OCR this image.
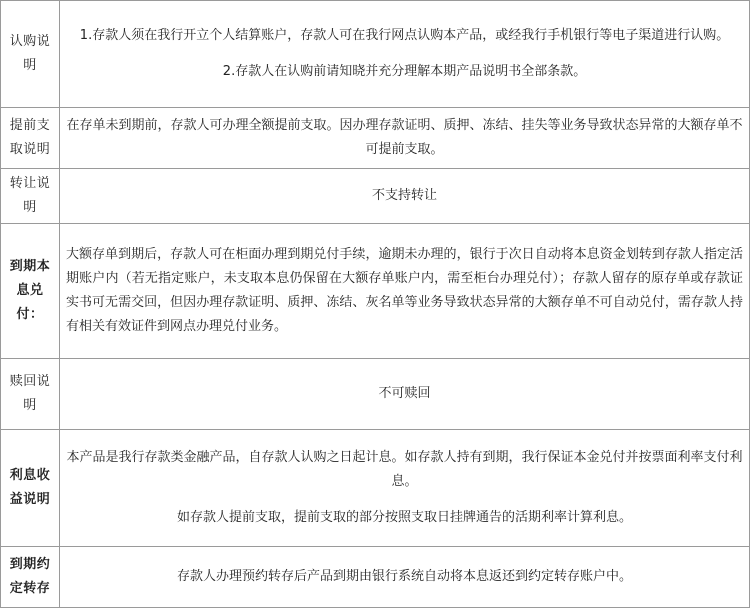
认购说明	1.存款人须在我行开立个人结算账户，存款人可在我行网点认购本产品，或经我行手机银行等电子渠道进行认购。
2.存款人在认购前请知晓并充分理解本期产品说明书全部条款。

提前支取说明	在存单未到期前，存款人可办理全额提前支取。因办理存款证明、质押、冻结、挂失等业务导致状态异常的大额存单不可提前支取。

转让说明	不支持转让

到期本息兑付：	大额存单到期后，存款人可在柜面办理到期兑付手续，逾期未办理的，银行于次日自动将本息资金划转到存款人指定活期账户内（若无指定账户，未支取本息仍保留在大额存单账户内，需至柜台办理兑付）；存款人留存的原存单或存款证实书可无需交回，但因办理存款证明、质押、冻结、灰名单等业务导致状态异常的大额存单不可自动兑付，需存款人持有相关有效证件到网点办理兑付业务。

赎回说明	不可赎回

利息收益说明	本产品是我行存款类金融产品，自存款人认购之日起计息。如存款人持有到期，我行保证本金兑付并按票面利率支付利息。
如存款人提前支取，提前支取的部分按照支取日挂牌通告的活期利率计算利息。

到期约定转存	存款人办理预约转存后产品到期由银行系统自动将本息返还到约定转存账户中。
